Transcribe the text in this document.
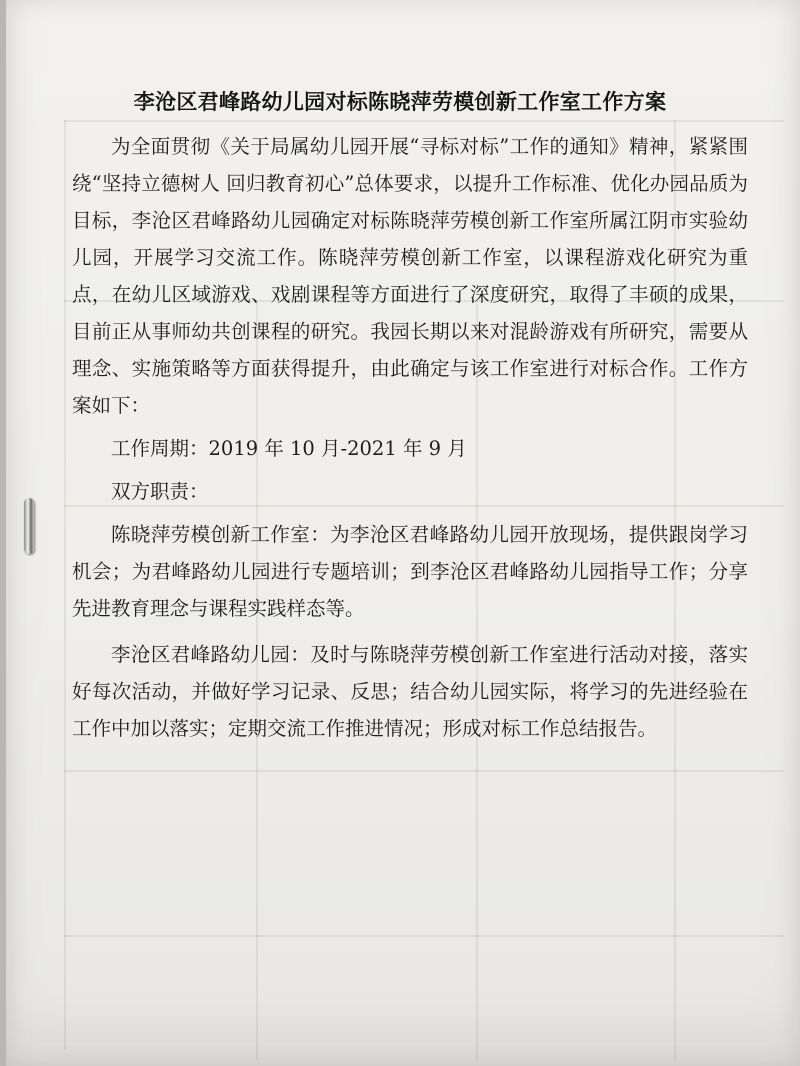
李沧区君峰路幼儿园对标陈晓萍劳模创新工作室工作方案

为全面贯彻《关于局属幼儿园开展“寻标对标”工作的通知》精神，紧紧围绕“坚持立德树人 回归教育初心”总体要求，以提升工作标准、优化办园品质为目标，李沧区君峰路幼儿园确定对标陈晓萍劳模创新工作室所属江阴市实验幼儿园，开展学习交流工作。陈晓萍劳模创新工作室，以课程游戏化研究为重点，在幼儿区域游戏、戏剧课程等方面进行了深度研究，取得了丰硕的成果，目前正从事师幼共创课程的研究。我园长期以来对混龄游戏有所研究，需要从理念、实施策略等方面获得提升，由此确定与该工作室进行对标合作。工作方案如下：

工作周期：2019 年 10 月-2021 年 9 月

双方职责：

陈晓萍劳模创新工作室：为李沧区君峰路幼儿园开放现场，提供跟岗学习机会；为君峰路幼儿园进行专题培训；到李沧区君峰路幼儿园指导工作；分享先进教育理念与课程实践样态等。

李沧区君峰路幼儿园：及时与陈晓萍劳模创新工作室进行活动对接，落实好每次活动，并做好学习记录、反思；结合幼儿园实际，将学习的先进经验在工作中加以落实；定期交流工作推进情况；形成对标工作总结报告。
